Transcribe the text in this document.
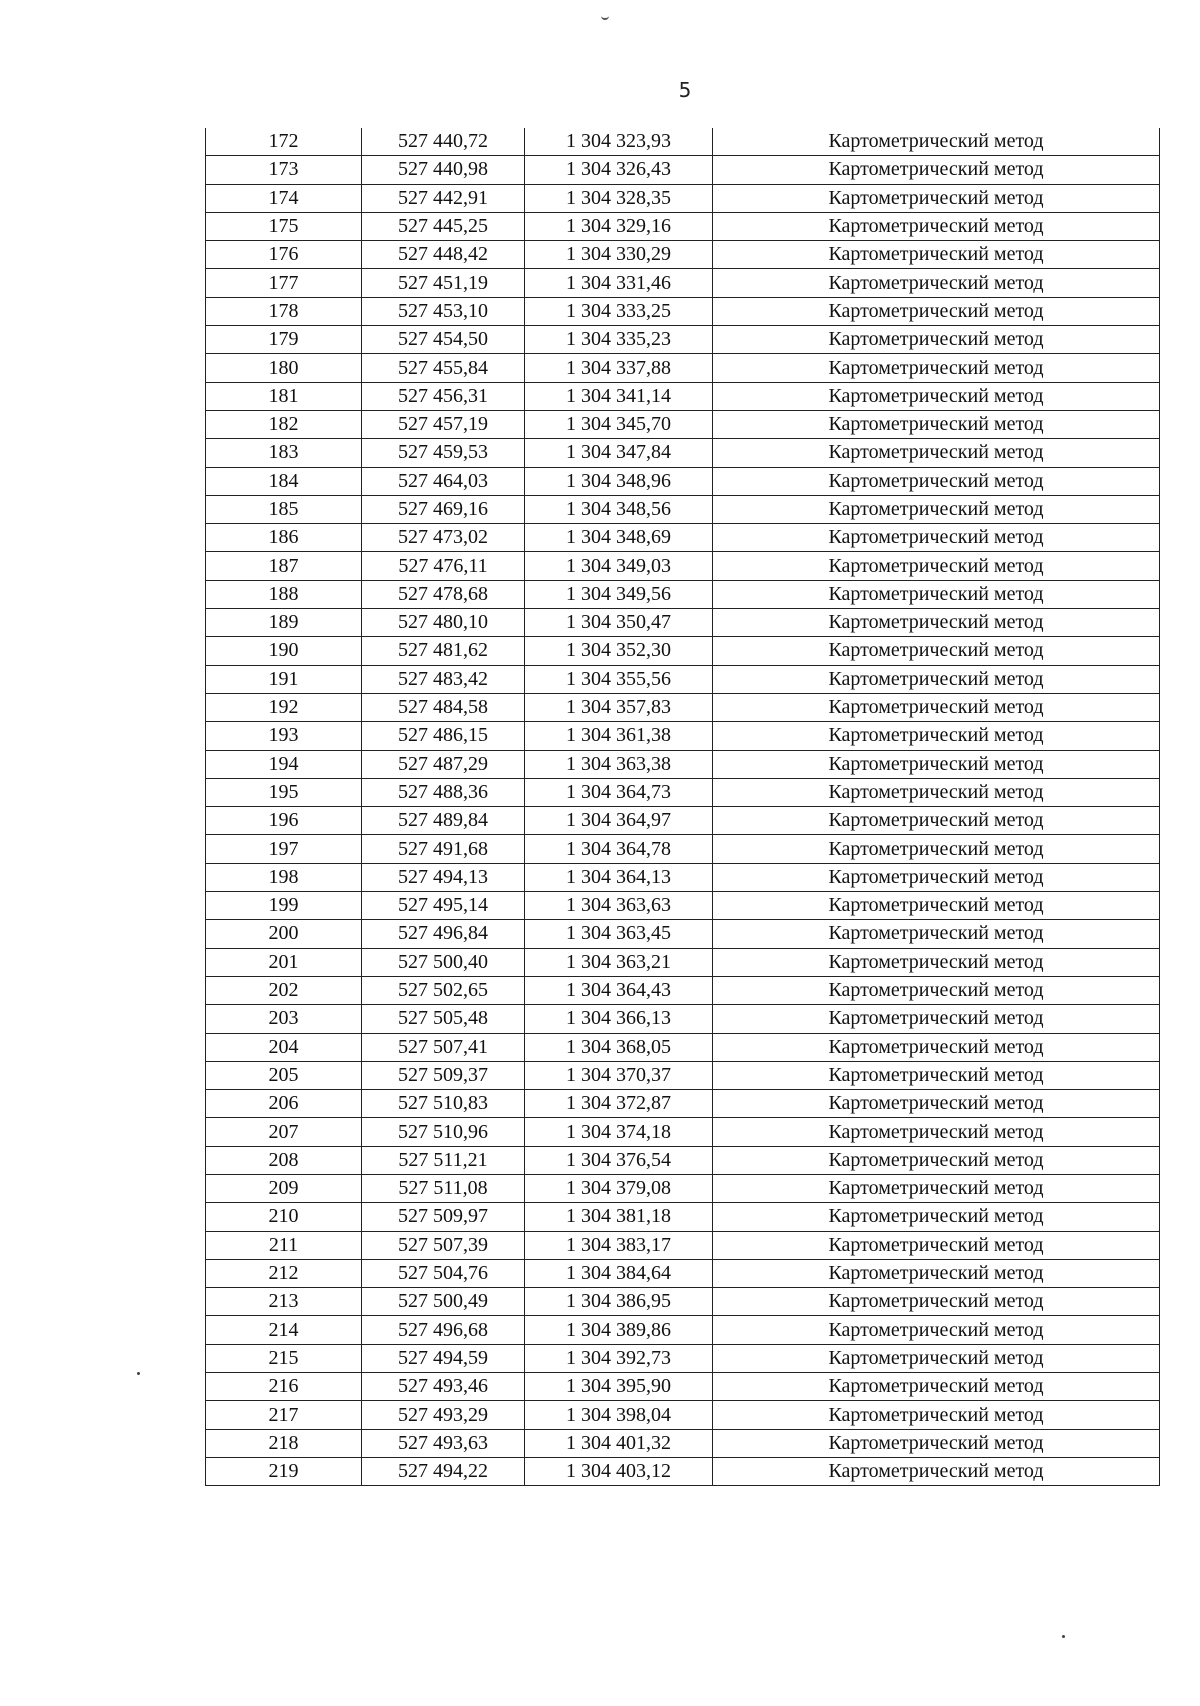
5
172	527 440,72	1 304 323,93	Картометрический метод
173	527 440,98	1 304 326,43	Картометрический метод
174	527 442,91	1 304 328,35	Картометрический метод
175	527 445,25	1 304 329,16	Картометрический метод
176	527 448,42	1 304 330,29	Картометрический метод
177	527 451,19	1 304 331,46	Картометрический метод
178	527 453,10	1 304 333,25	Картометрический метод
179	527 454,50	1 304 335,23	Картометрический метод
180	527 455,84	1 304 337,88	Картометрический метод
181	527 456,31	1 304 341,14	Картометрический метод
182	527 457,19	1 304 345,70	Картометрический метод
183	527 459,53	1 304 347,84	Картометрический метод
184	527 464,03	1 304 348,96	Картометрический метод
185	527 469,16	1 304 348,56	Картометрический метод
186	527 473,02	1 304 348,69	Картометрический метод
187	527 476,11	1 304 349,03	Картометрический метод
188	527 478,68	1 304 349,56	Картометрический метод
189	527 480,10	1 304 350,47	Картометрический метод
190	527 481,62	1 304 352,30	Картометрический метод
191	527 483,42	1 304 355,56	Картометрический метод
192	527 484,58	1 304 357,83	Картометрический метод
193	527 486,15	1 304 361,38	Картометрический метод
194	527 487,29	1 304 363,38	Картометрический метод
195	527 488,36	1 304 364,73	Картометрический метод
196	527 489,84	1 304 364,97	Картометрический метод
197	527 491,68	1 304 364,78	Картометрический метод
198	527 494,13	1 304 364,13	Картометрический метод
199	527 495,14	1 304 363,63	Картометрический метод
200	527 496,84	1 304 363,45	Картометрический метод
201	527 500,40	1 304 363,21	Картометрический метод
202	527 502,65	1 304 364,43	Картометрический метод
203	527 505,48	1 304 366,13	Картометрический метод
204	527 507,41	1 304 368,05	Картометрический метод
205	527 509,37	1 304 370,37	Картометрический метод
206	527 510,83	1 304 372,87	Картометрический метод
207	527 510,96	1 304 374,18	Картометрический метод
208	527 511,21	1 304 376,54	Картометрический метод
209	527 511,08	1 304 379,08	Картометрический метод
210	527 509,97	1 304 381,18	Картометрический метод
211	527 507,39	1 304 383,17	Картометрический метод
212	527 504,76	1 304 384,64	Картометрический метод
213	527 500,49	1 304 386,95	Картометрический метод
214	527 496,68	1 304 389,86	Картометрический метод
215	527 494,59	1 304 392,73	Картометрический метод
216	527 493,46	1 304 395,90	Картометрический метод
217	527 493,29	1 304 398,04	Картометрический метод
218	527 493,63	1 304 401,32	Картометрический метод
219	527 494,22	1 304 403,12	Картометрический метод
